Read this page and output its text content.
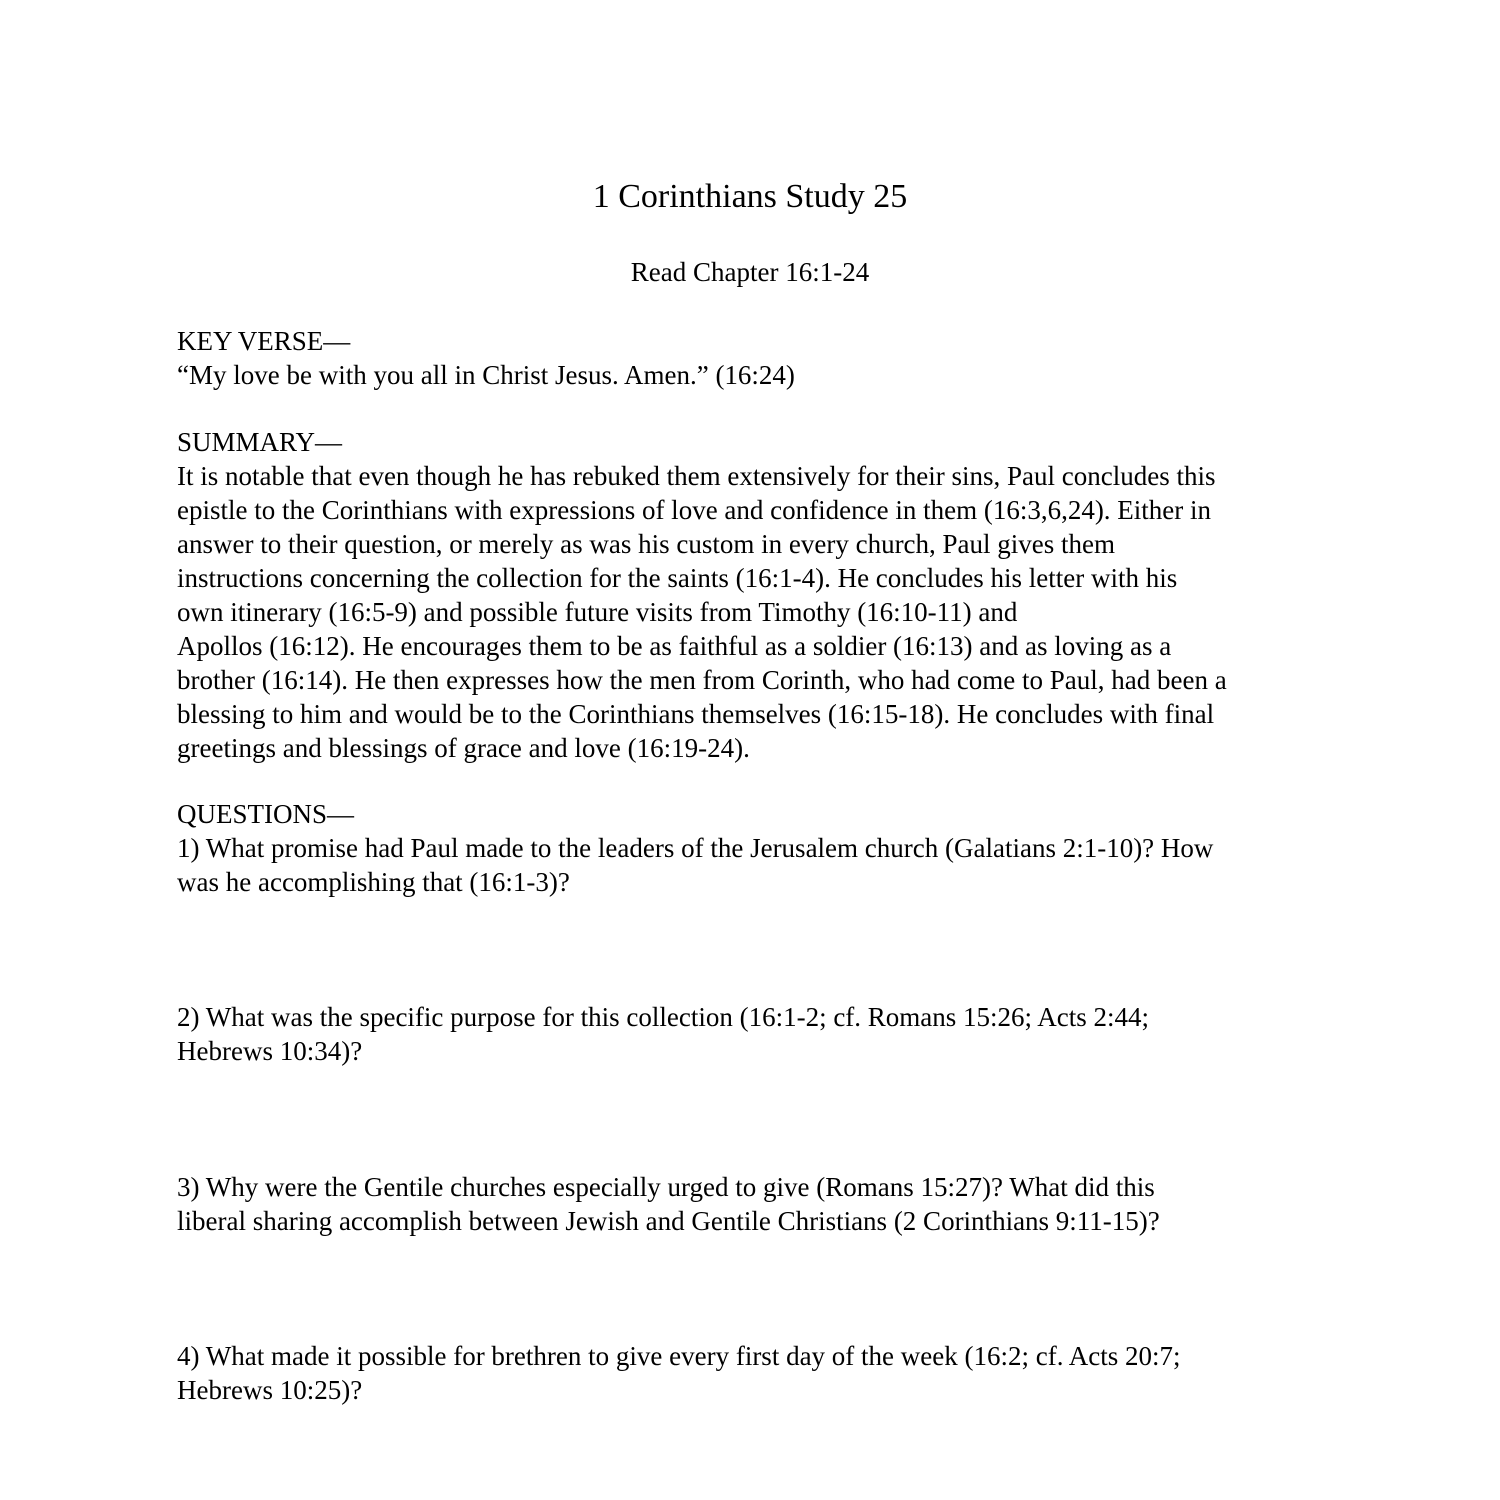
1 Corinthians Study 25
Read Chapter 16:1-24
KEY VERSE—
“My love be with you all in Christ Jesus. Amen.” (16:24)
SUMMARY—
It is notable that even though he has rebuked them extensively for their sins, Paul concludes this
epistle to the Corinthians with expressions of love and confidence in them (16:3,6,24). Either in
answer to their question, or merely as was his custom in every church, Paul gives them
instructions concerning the collection for the saints (16:1-4). He concludes his letter with his
own itinerary (16:5-9) and possible future visits from Timothy (16:10-11) and
Apollos (16:12). He encourages them to be as faithful as a soldier (16:13) and as loving as a
brother (16:14). He then expresses how the men from Corinth, who had come to Paul, had been a
blessing to him and would be to the Corinthians themselves (16:15-18). He concludes with final
greetings and blessings of grace and love (16:19-24).
QUESTIONS—
1) What promise had Paul made to the leaders of the Jerusalem church (Galatians 2:1-10)? How
was he accomplishing that (16:1-3)?
2) What was the specific purpose for this collection (16:1-2; cf. Romans 15:26; Acts 2:44;
Hebrews 10:34)?
3) Why were the Gentile churches especially urged to give (Romans 15:27)? What did this
liberal sharing accomplish between Jewish and Gentile Christians (2 Corinthians 9:11-15)?
4) What made it possible for brethren to give every first day of the week (16:2; cf. Acts 20:7;
Hebrews 10:25)?
